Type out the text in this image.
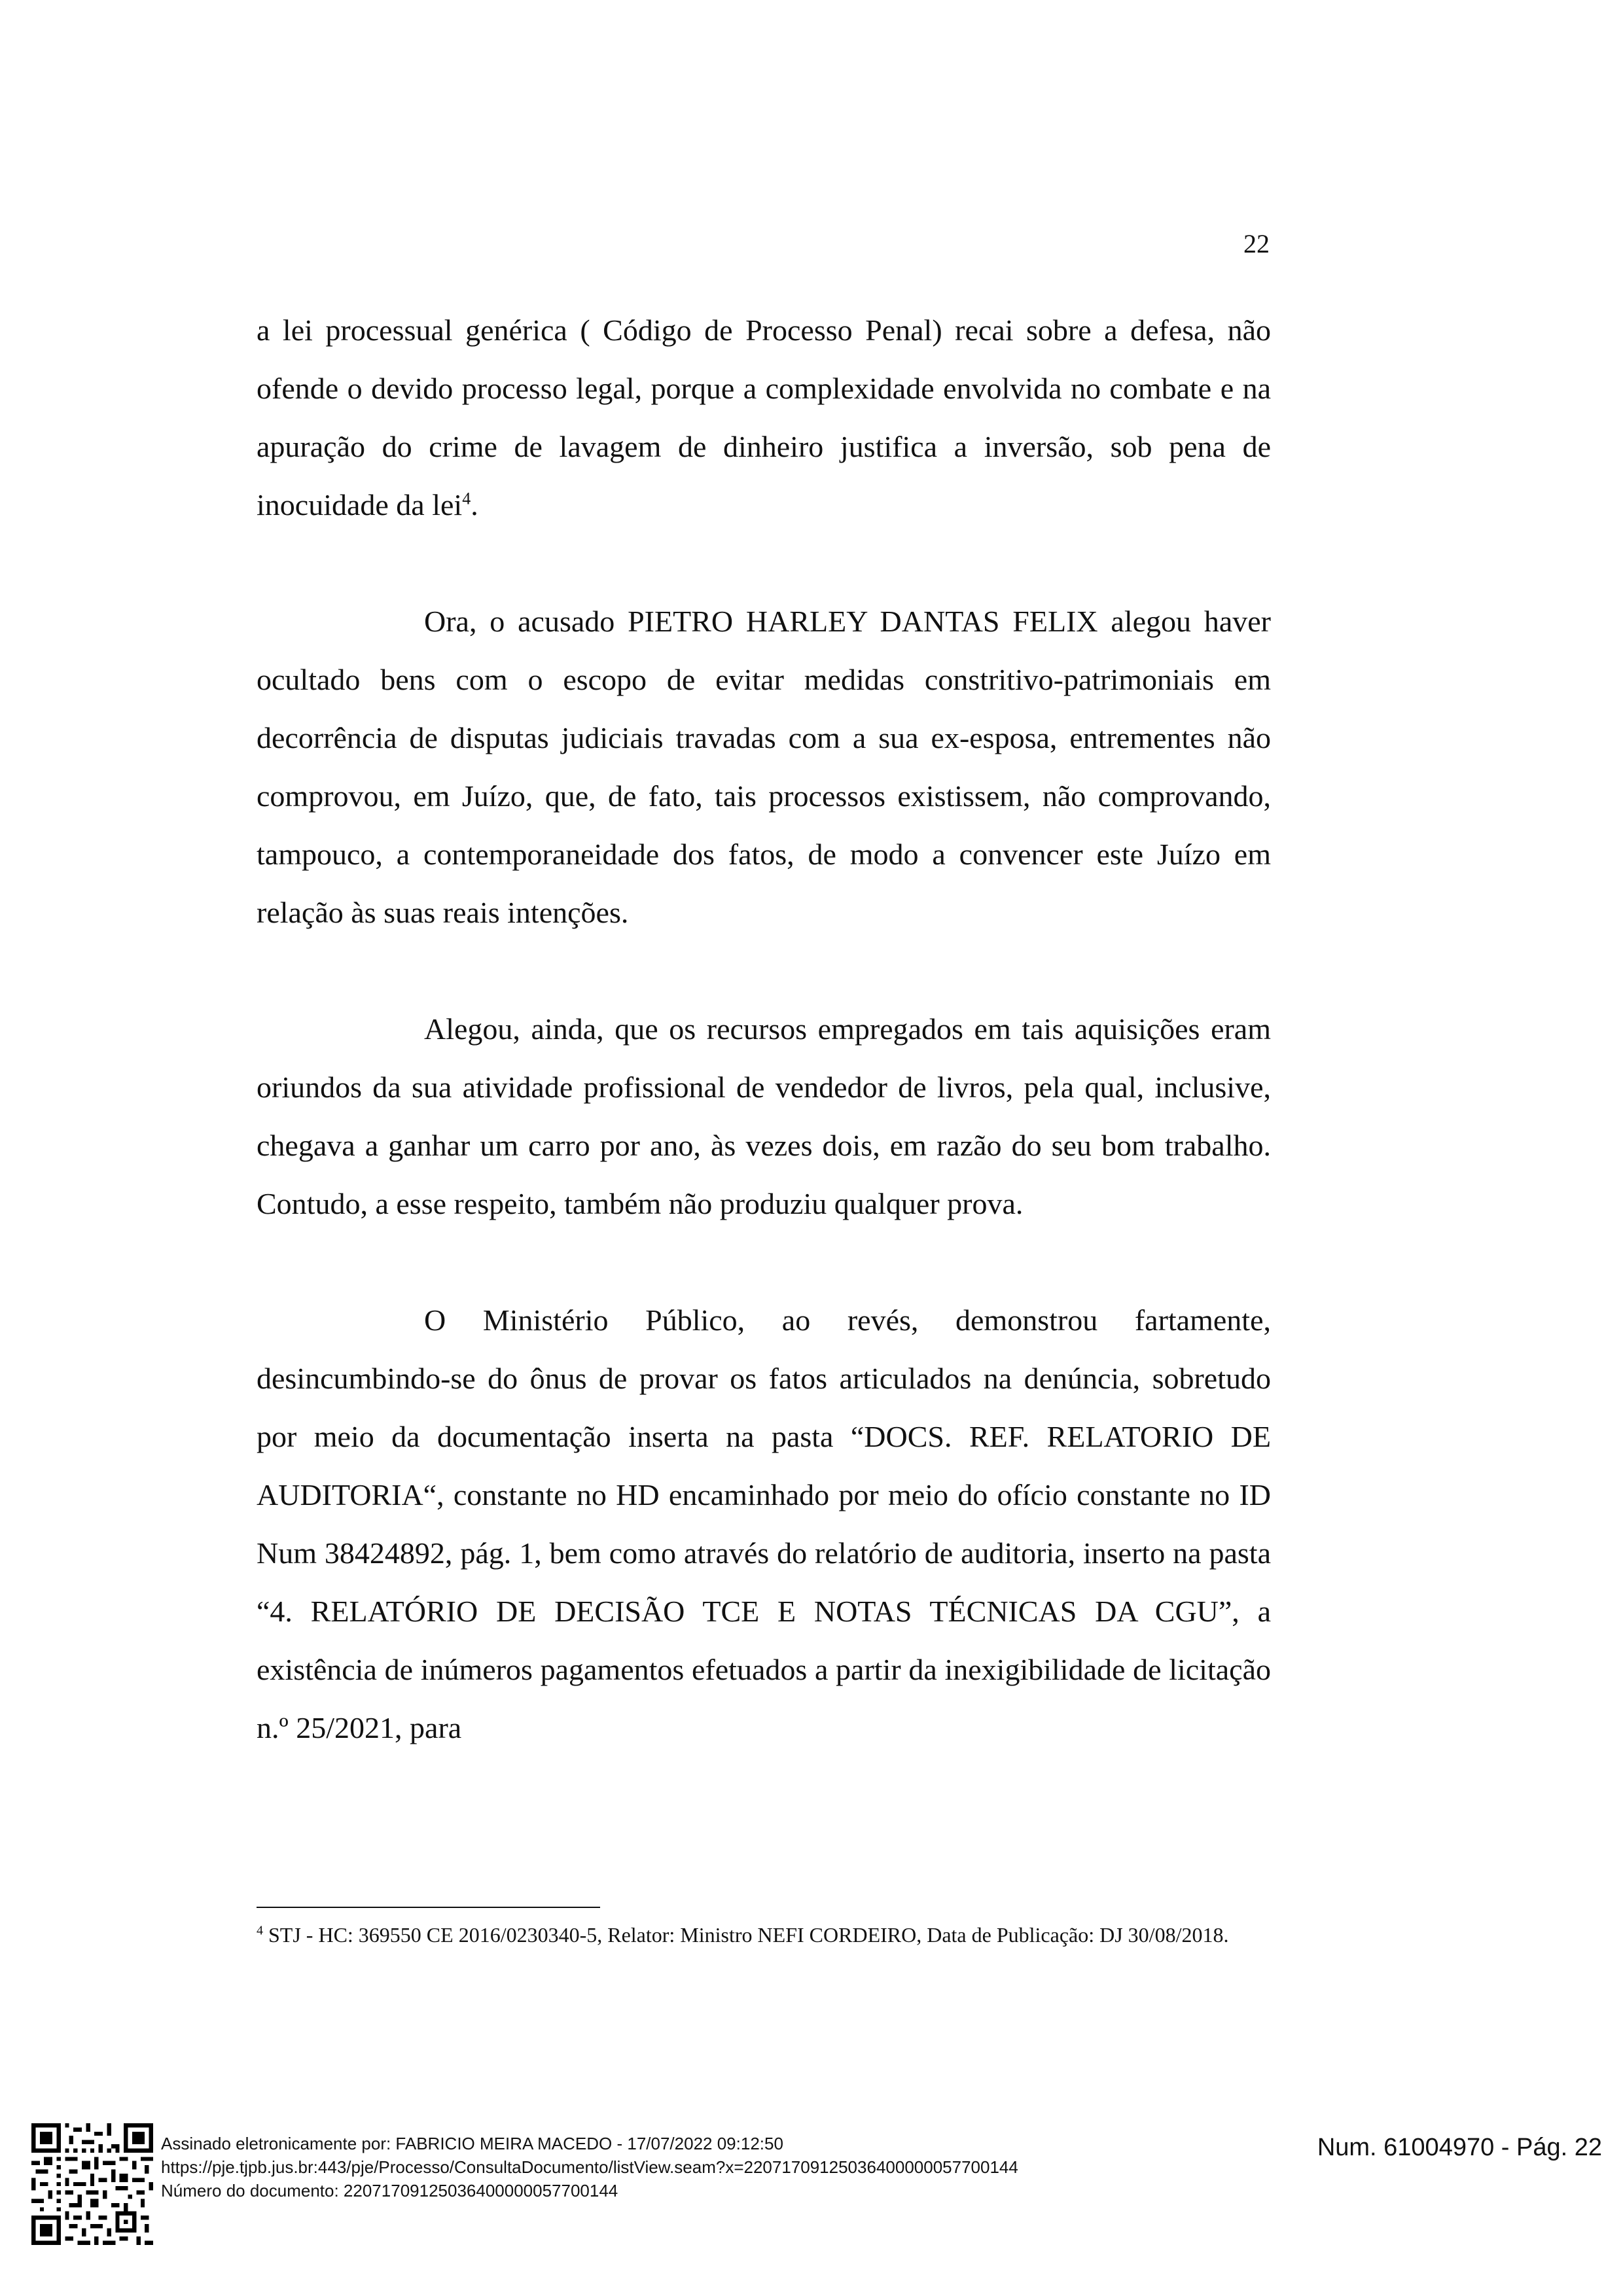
22

a lei processual genérica ( Código de Processo Penal) recai sobre a defesa, não ofende o devido processo legal, porque a complexidade envolvida no combate e na apuração do crime de lavagem de dinheiro justifica a inversão, sob pena de inocuidade da lei$^4$.

Ora, o acusado PIETRO HARLEY DANTAS FELIX alegou haver ocultado bens com o escopo de evitar medidas constritivo-patrimoniais em decorrência de disputas judiciais travadas com a sua ex-esposa, entrementes não comprovou, em Juízo, que, de fato, tais processos existissem, não comprovando, tampouco, a contemporaneidade dos fatos, de modo a convencer este Juízo em relação às suas reais intenções.

Alegou, ainda, que os recursos empregados em tais aquisições eram oriundos da sua atividade profissional de vendedor de livros, pela qual, inclusive, chegava a ganhar um carro por ano, às vezes dois, em razão do seu bom trabalho. Contudo, a esse respeito, também não produziu qualquer prova.

O Ministério Público, ao revés, demonstrou fartamente, desincumbindo-se do ônus de provar os fatos articulados na denúncia, sobretudo por meio da documentação inserta na pasta “DOCS. REF. RELATORIO DE AUDITORIA“, constante no HD encaminhado por meio do ofício constante no ID Num 38424892, pág. 1, bem como através do relatório de auditoria, inserto na pasta “4. RELATÓRIO DE DECISÃO TCE E NOTAS TÉCNICAS DA CGU”, a existência de inúmeros pagamentos efetuados a partir da inexigibilidade de licitação n.º 25/2021, para

$^4$ STJ - HC: 369550 CE 2016/0230340-5, Relator: Ministro NEFI CORDEIRO, Data de Publicação: DJ 30/08/2018.
Assinado eletronicamente por: FABRICIO MEIRA MACEDO - 17/07/2022 09:12:50
https://pje.tjpb.jus.br:443/pje/Processo/ConsultaDocumento/listView.seam?x=22071709125036400000057700144
Número do documento: 22071709125036400000057700144
Num. 61004970 - Pág. 22
